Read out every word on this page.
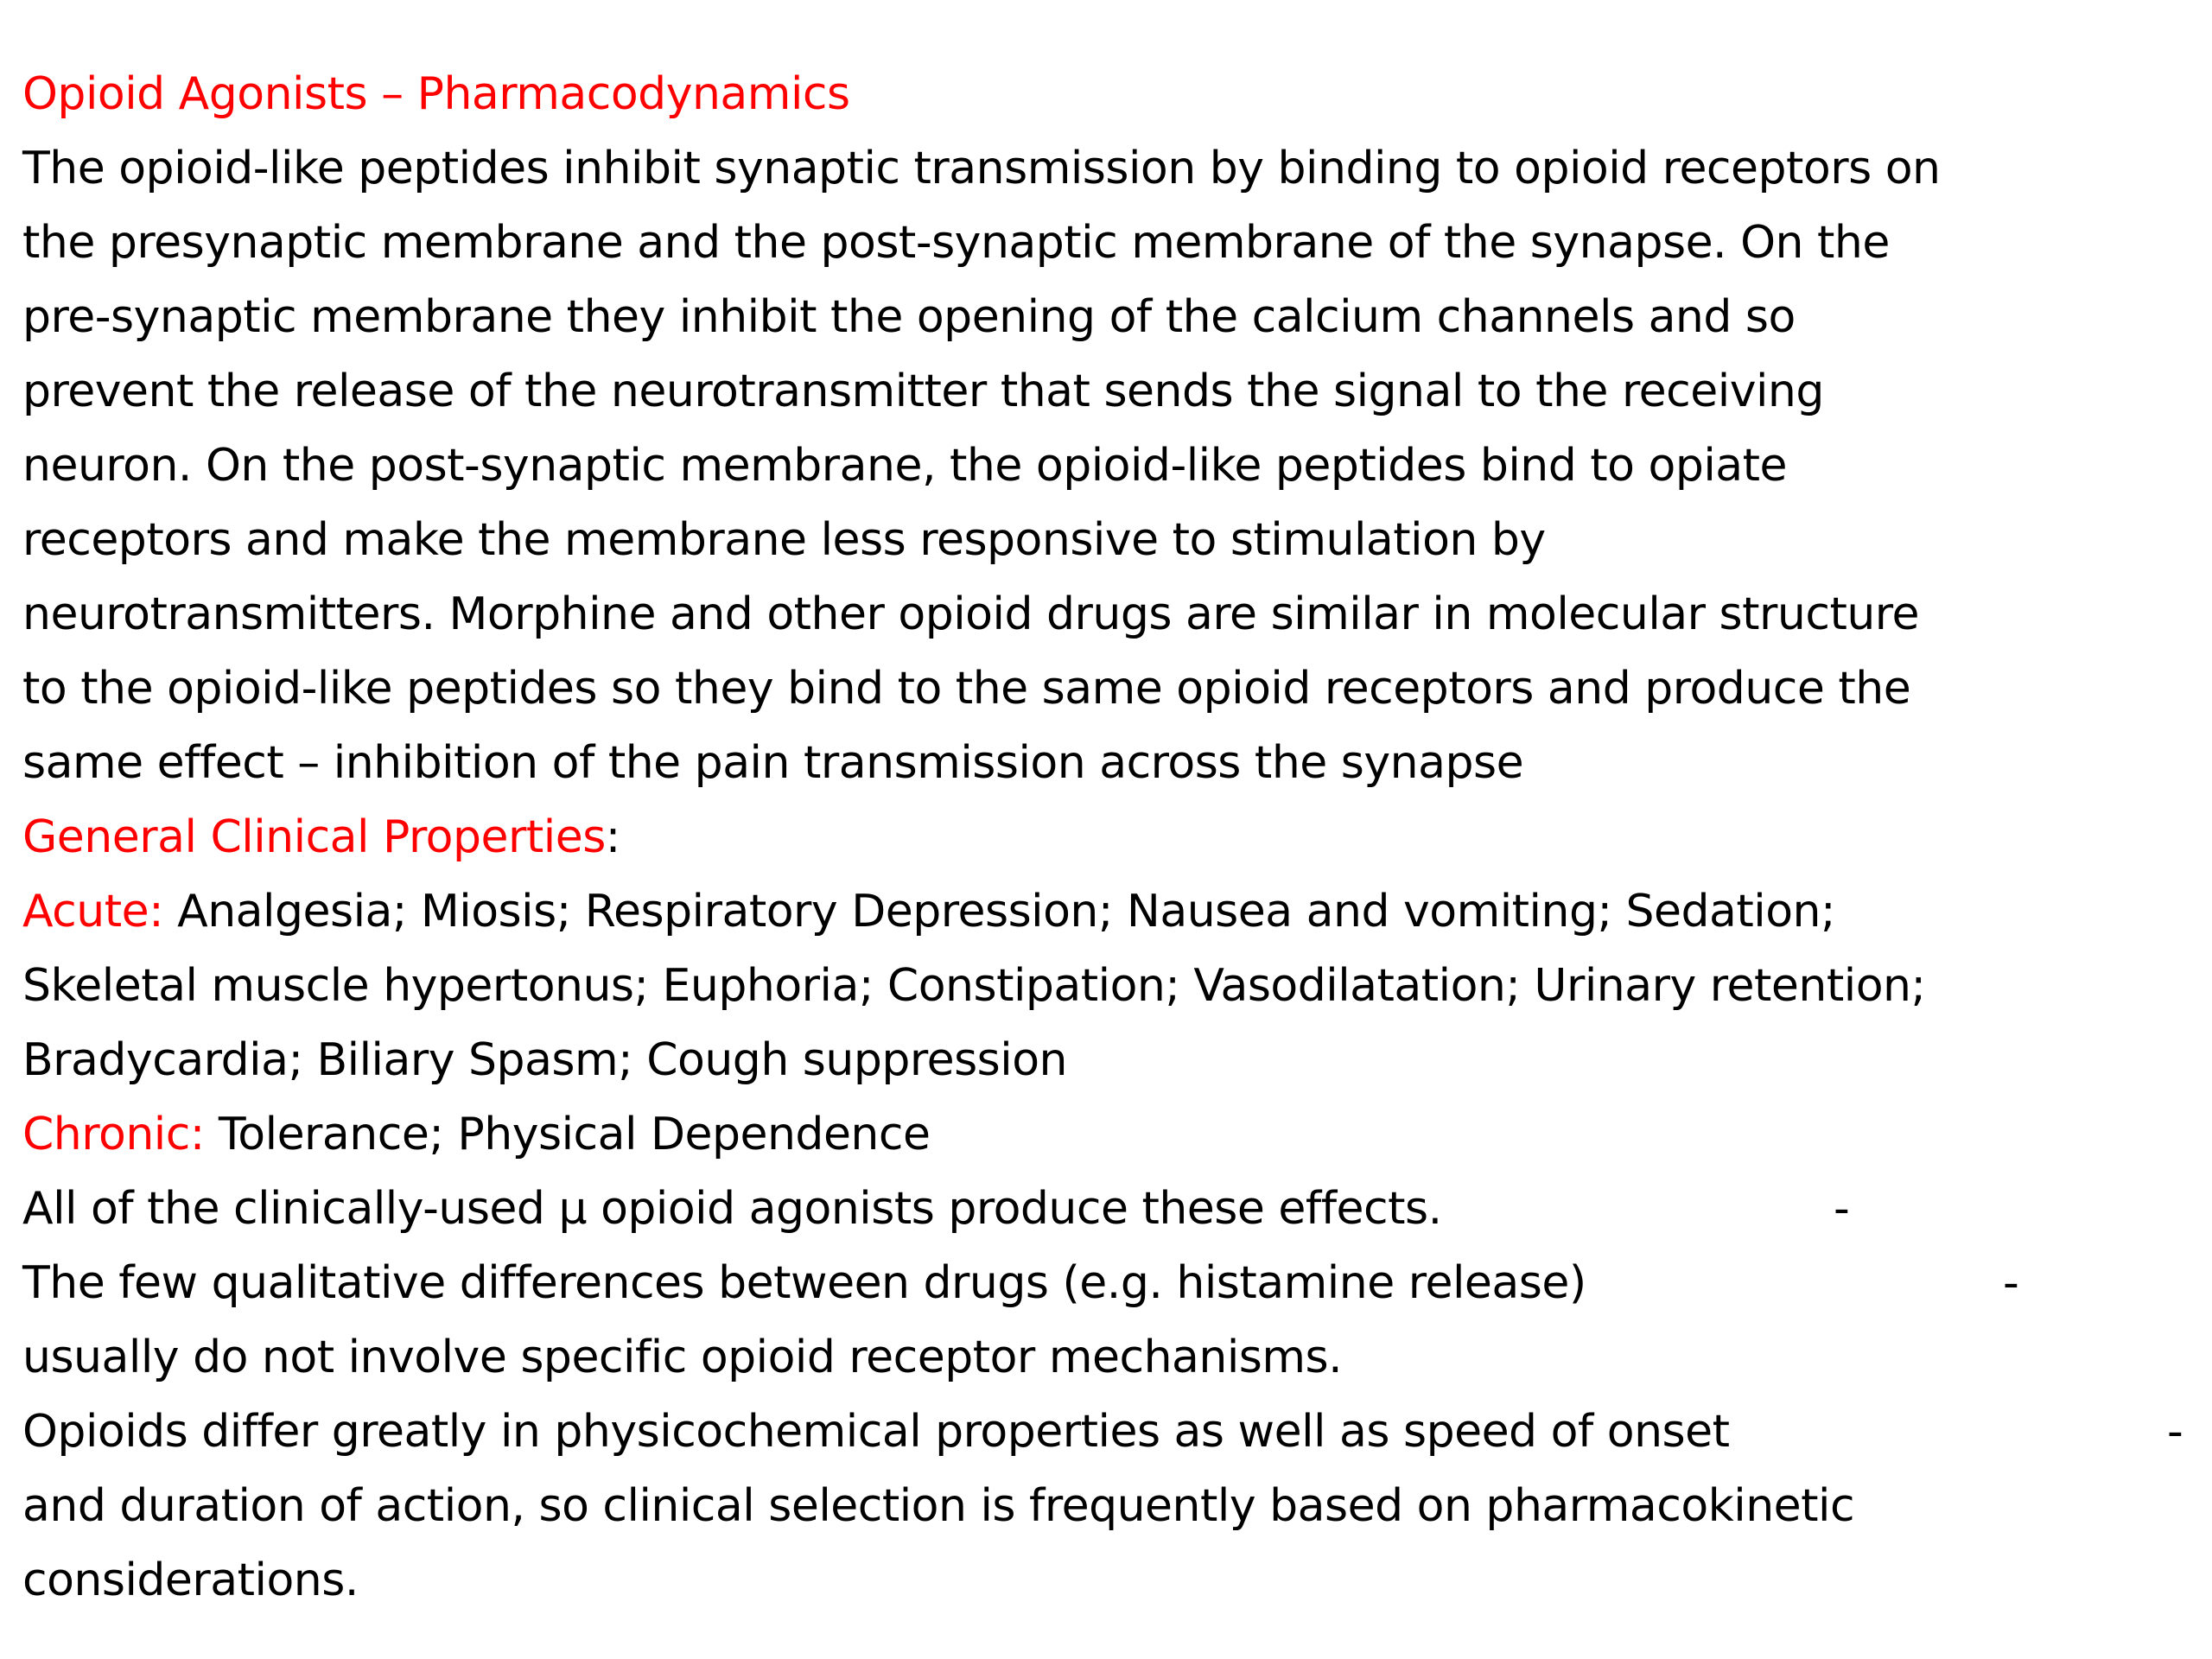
Opioid Agonists – Pharmacodynamics
The opioid-like peptides inhibit synaptic transmission by binding to opioid receptors on
the presynaptic membrane and the post-synaptic membrane of the synapse. On the
pre-synaptic membrane they inhibit the opening of the calcium channels and so
prevent the release of the neurotransmitter that sends the signal to the receiving
neuron. On the post-synaptic membrane, the opioid-like peptides bind to opiate
receptors and make the membrane less responsive to stimulation by
neurotransmitters. Morphine and other opioid drugs are similar in molecular structure
to the opioid-like peptides so they bind to the same opioid receptors and produce the
same effect – inhibition of the pain transmission across the synapse
General Clinical Properties:
Acute: Analgesia; Miosis; Respiratory Depression; Nausea and vomiting; Sedation;
Skeletal muscle hypertonus; Euphoria; Constipation; Vasodilatation; Urinary retention;
Bradycardia; Biliary Spasm; Cough suppression
Chronic: Tolerance; Physical Dependence
All of the clinically-used μ opioid agonists produce these effects.	-
The few qualitative differences between drugs (e.g. histamine release)	-
usually do not involve specific opioid receptor mechanisms.
Opioids differ greatly in physicochemical properties as well as speed of onset	-
and duration of action, so clinical selection is frequently based on pharmacokinetic
considerations.
